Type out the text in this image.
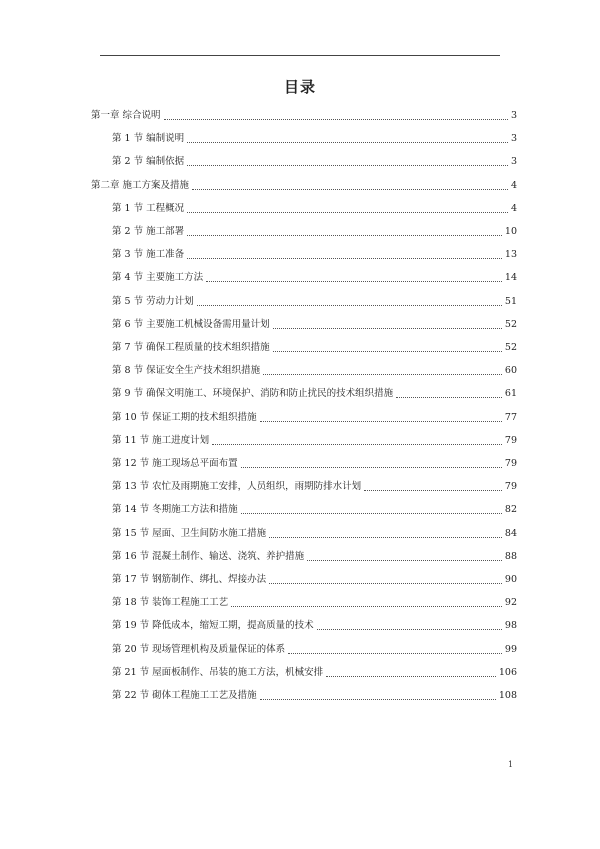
目录
第一章 综合说明	3
第 1 节 编制说明	3
第 2 节 编制依据	3
第二章 施工方案及措施	4
第 1 节 工程概况	4
第 2 节 施工部署	10
第 3 节 施工准备	13
第 4 节 主要施工方法	14
第 5 节 劳动力计划	51
第 6 节 主要施工机械设备需用量计划	52
第 7 节 确保工程质量的技术组织措施	52
第 8 节 保证安全生产技术组织措施	60
第 9 节 确保文明施工、环境保护、消防和防止扰民的技术组织措施	61
第 10 节 保证工期的技术组织措施	77
第 11 节 施工进度计划	79
第 12 节 施工现场总平面布置	79
第 13 节 农忙及雨期施工安排，人员组织，雨期防排水计划	79
第 14 节 冬期施工方法和措施	82
第 15 节 屋面、卫生间防水施工措施	84
第 16 节 混凝土制作、输送、浇筑、养护措施	88
第 17 节 钢筋制作、绑扎、焊接办法	90
第 18 节 装饰工程施工工艺	92
第 19 节 降低成本，缩短工期，提高质量的技术	98
第 20 节 现场管理机构及质量保证的体系	99
第 21 节 屋面板制作、吊装的施工方法，机械安排	106
第 22 节 砌体工程施工工艺及措施	108
1
